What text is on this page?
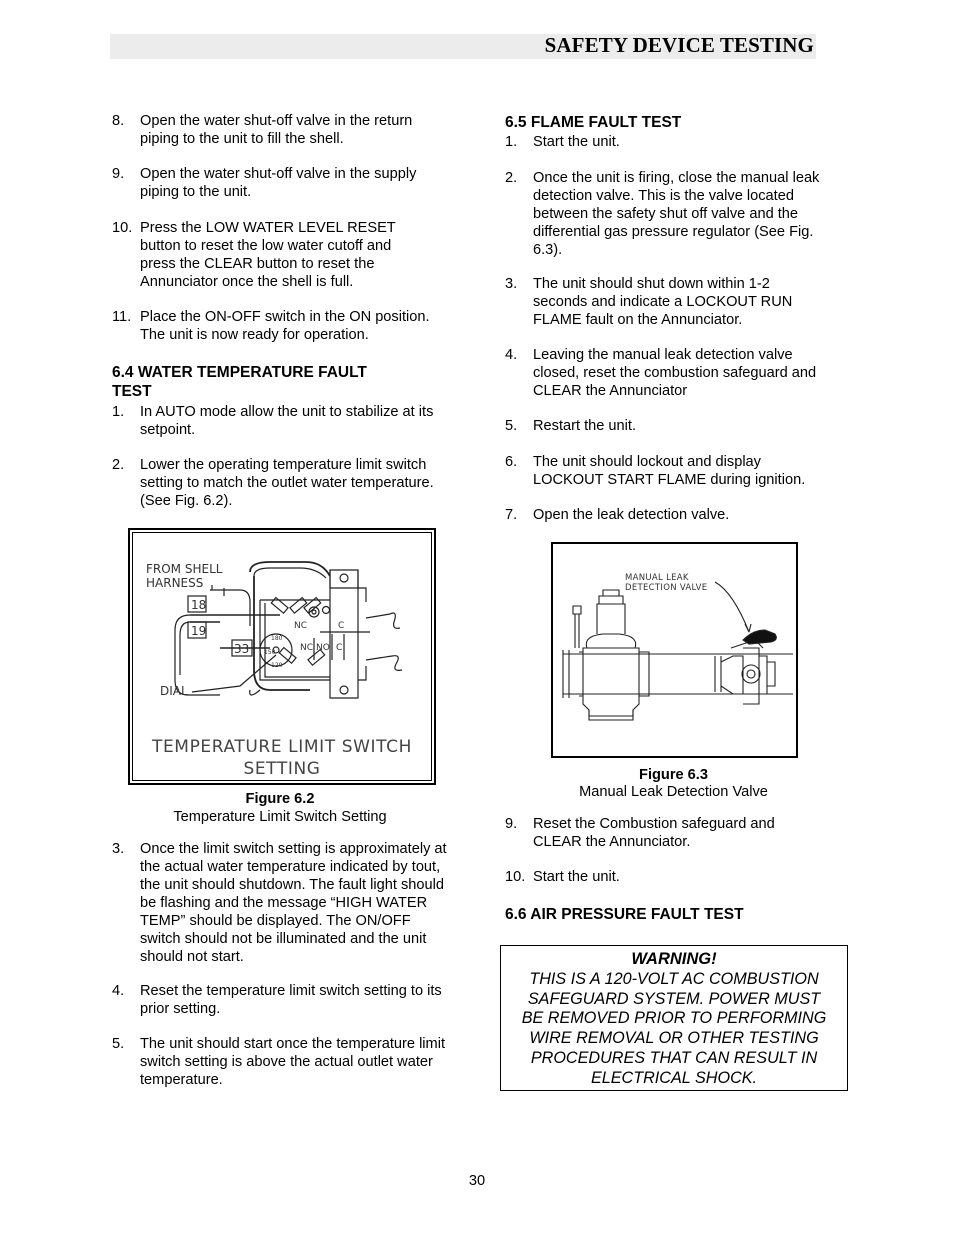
SAFETY DEVICE TESTING
8. Open the water shut-off valve in the return piping to the unit to fill the shell.
9. Open the water shut-off valve in the supply piping to the unit.
10. Press the LOW WATER LEVEL RESET button to reset the low water cutoff and press the CLEAR button to reset the Annunciator once the shell is full.
11. Place the ON-OFF switch in the ON position. The unit is now ready for operation.
6.4 WATER TEMPERATURE FAULT
TEST
1. In AUTO mode allow the unit to stabilize at its setpoint.
2. Lower the operating temperature limit switch setting to match the outlet water temperature. (See Fig. 6.2).
FROM SHELL
HARNESS
18
19
33
DIAL
NC	C
NC NO C
180
150
120
TEMPERATURE LIMIT SWITCH
SETTING
Figure 6.2
Temperature Limit Switch Setting
3. Once the limit switch setting is approximately at the actual water temperature indicated by tout, the unit should shutdown. The fault light should be flashing and the message “HIGH WATER TEMP” should be displayed. The ON/OFF switch should not be illuminated and the unit should not start.
4. Reset the temperature limit switch setting to its prior setting.
5. The unit should start once the temperature limit switch setting is above the actual outlet water temperature.
6.5 FLAME FAULT TEST
1. Start the unit.
2. Once the unit is firing, close the manual leak detection valve. This is the valve located between the safety shut off valve and the differential gas pressure regulator (See Fig. 6.3).
3. The unit should shut down within 1-2 seconds and indicate a LOCKOUT RUN FLAME fault on the Annunciator.
4. Leaving the manual leak detection valve closed, reset the combustion safeguard and CLEAR the Annunciator
5. Restart the unit.
6. The unit should lockout and display LOCKOUT START FLAME during ignition.
7. Open the leak detection valve.
MANUAL LEAK
DETECTION VALVE
Figure 6.3
Manual Leak Detection Valve
9. Reset the Combustion safeguard and CLEAR the Annunciator.
10. Start the unit.
6.6 AIR PRESSURE FAULT TEST
WARNING!
THIS IS A 120-VOLT AC COMBUSTION
SAFEGUARD SYSTEM. POWER MUST
BE REMOVED PRIOR TO PERFORMING
WIRE REMOVAL OR OTHER TESTING
PROCEDURES THAT CAN RESULT IN
ELECTRICAL SHOCK.
30
